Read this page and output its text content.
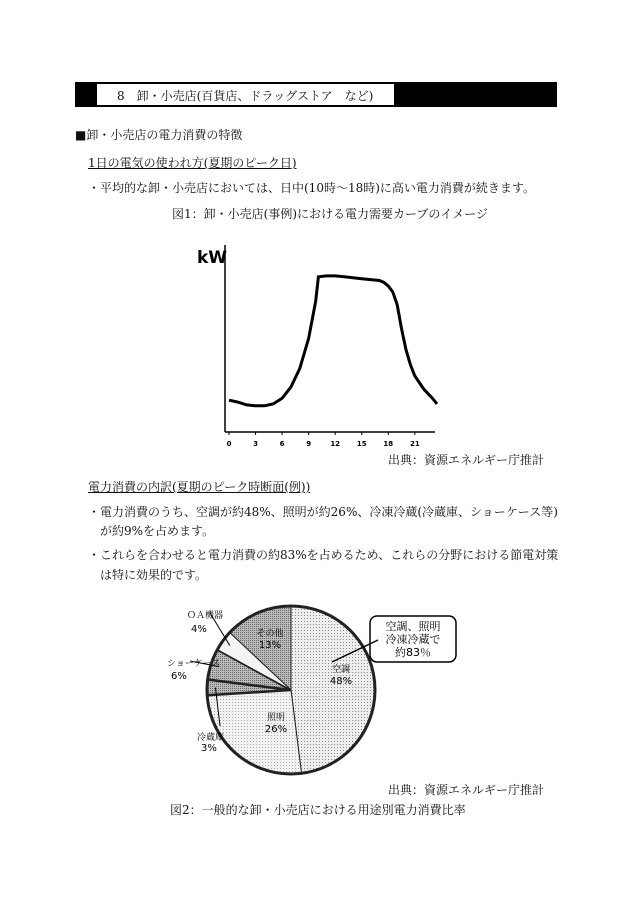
8　卸・小売店(百貨店、ドラッグストア　など)
■卸・小売店の電力消費の特徴
1日の電気の使われ方(夏期のピーク日)
・平均的な卸・小売店においては、日中(10時〜18時)に高い電力消費が続きます。
図1：卸・小売店(事例)における電力需要カーブのイメージ
kW
0	3	6	9	12 15 18 21
出典：資源エネルギー庁推計
電力消費の内訳(夏期のピーク時断面(例))
・電力消費のうち、空調が約48%、照明が約26%、冷凍冷蔵(冷蔵庫、ショーケース等)
が約9%を占めます。
・これらを合わせると電力消費の約83%を占めるため、これらの分野における節電対策
は特に効果的です。
空調
48%
照明
26%
冷蔵庫
3%
ショーケース
6%
ＯＡ機器
4%	その他
13%
空調、照明
冷凍冷蔵で
約83％
出典：資源エネルギー庁推計
図2：一般的な卸・小売店における用途別電力消費比率
